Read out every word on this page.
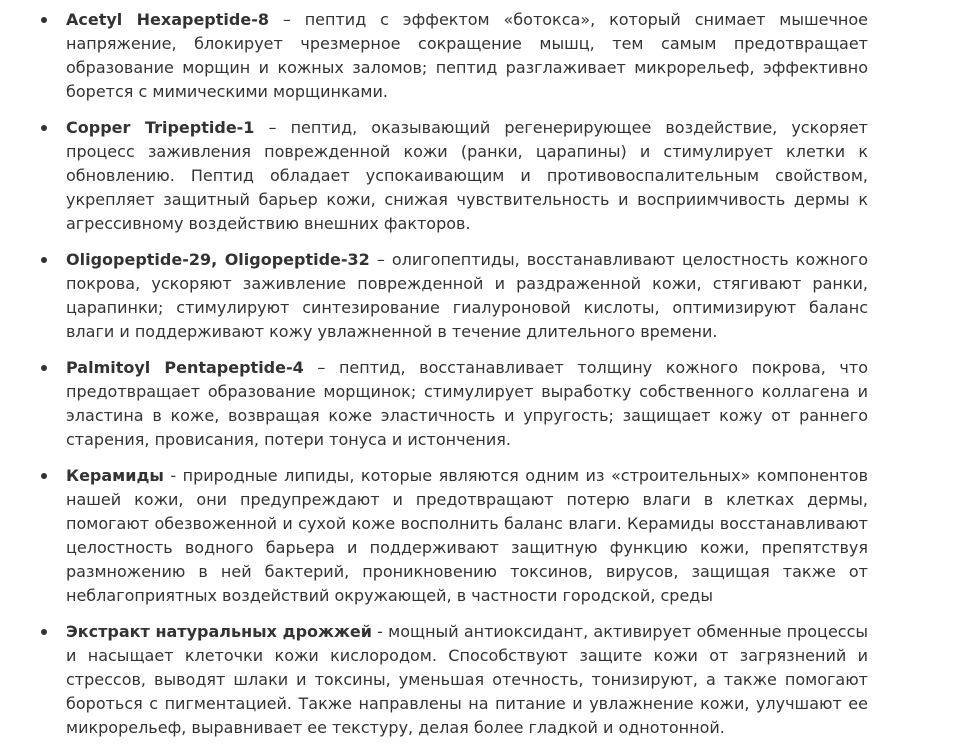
Acetyl Hexapeptide-8 – пептид с эффектом «ботокса», который снимает мышечное напряжение, блокирует чрезмерное сокращение мышц, тем самым предотвращает образование морщин и кожных заломов; пептид разглаживает микрорельеф, эффективно борется с мимическими морщинками.
Copper Tripeptide-1 – пептид, оказывающий регенерирующее воздействие, ускоряет процесс заживления поврежденной кожи (ранки, царапины) и стимулирует клетки к обновлению. Пептид обладает успокаивающим и противовоспалительным свойством, укрепляет защитный барьер кожи, снижая чувствительность и восприимчивость дермы к агрессивному воздействию внешних факторов.
Oligopeptide-29, Oligopeptide-32 – олигопептиды, восстанавливают целостность кожного покрова, ускоряют заживление поврежденной и раздраженной кожи, стягивают ранки, царапинки; стимулируют синтезирование гиалуроновой кислоты, оптимизируют баланс влаги и поддерживают кожу увлажненной в течение длительного времени.
Palmitoyl Pentapeptide-4 – пептид, восстанавливает толщину кожного покрова, что предотвращает образование морщинок; стимулирует выработку собственного коллагена и эластина в коже, возвращая коже эластичность и упругость; защищает кожу от раннего старения, провисания, потери тонуса и истончения.
Керамиды - природные липиды, которые являются одним из «строительных» компонентов нашей кожи, они предупреждают и предотвращают потерю влаги в клетках дермы, помогают обезвоженной и сухой коже восполнить баланс влаги. Керамиды восстанавливают целостность водного барьера и поддерживают защитную функцию кожи, препятствуя размножению в ней бактерий, проникновению токсинов, вирусов, защищая также от неблагоприятных воздействий окружающей, в частности городской, среды
Экстракт натуральных дрожжей - мощный антиоксидант, активирует обменные процессы и насыщает клеточки кожи кислородом. Способствуют защите кожи от загрязнений и стрессов, выводят шлаки и токсины, уменьшая отечность, тонизируют, а также помогают бороться с пигментацией. Также направлены на питание и увлажнение кожи, улучшают ее микрорельеф, выравнивает ее текстуру, делая более гладкой и однотонной.
